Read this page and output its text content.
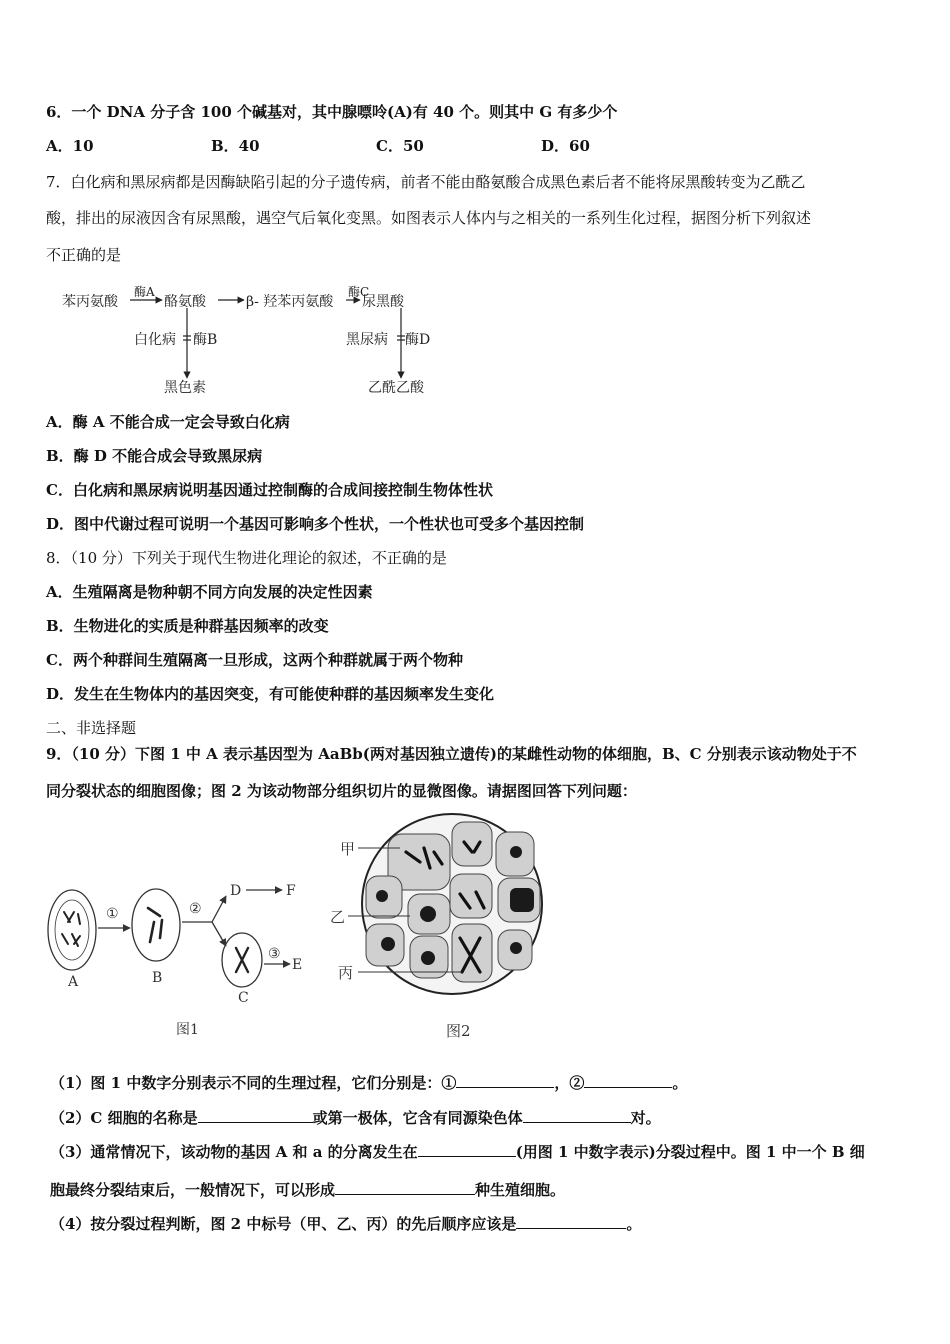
6．一个 DNA 分子含 100 个碱基对，其中腺嘌呤(A)有 40 个。则其中 G 有多少个
A．10	B．40	C．50	D．60
7．白化病和黑尿病都是因酶缺陷引起的分子遗传病，前者不能由酪氨酸合成黑色素后者不能将尿黑酸转变为乙酰乙
酸，排出的尿液因含有尿黑酸，遇空气后氧化变黑。如图表示人体内与之相关的一系列生化过程，据图分析下列叙述
不正确的是
苯丙氨酸
酶A
酪氨酸	β- 羟苯丙氨酸
酶C
尿黑酸
白化病 酶B
黑色素
黑尿病 酶D
乙酰乙酸
A．酶 A 不能合成一定会导致白化病
B．酶 D 不能合成会导致黑尿病
C．白化病和黑尿病说明基因通过控制酶的合成间接控制生物体性状
D．图中代谢过程可说明一个基因可影响多个性状，一个性状也可受多个基因控制
8．（10 分）下列关于现代生物进化理论的叙述，不正确的是
A．生殖隔离是物种朝不同方向发展的决定性因素
B．生物进化的实质是种群基因频率的改变
C．两个种群间生殖隔离一旦形成，这两个种群就属于两个物种
D．发生在生物体内的基因突变，有可能使种群的基因频率发生变化
二、非选择题
9．（10 分）下图 1 中 A 表示基因型为 AaBb(两对基因独立遗传)的某雌性动物的体细胞，B、C 分别表示该动物处于不
同分裂状态的细胞图像；图 2 为该动物部分组织切片的显微图像。请据图回答下列问题：
①	②
③
D	F
E
A	B
C
图1
甲
乙
丙
图2
（1）图 1 中数字分别表示不同的生理过程，它们分别是：①	，②	。
（2）C 细胞的名称是	或第一极体，它含有同源染色体	对。
（3）通常情况下，该动物的基因 A 和 a 的分离发生在	(用图 1 中数字表示)分裂过程中。图 1 中一个 B 细
胞最终分裂结束后，一般情况下，可以形成	种生殖细胞。
（4）按分裂过程判断，图 2 中标号（甲、乙、丙）的先后顺序应该是	。
